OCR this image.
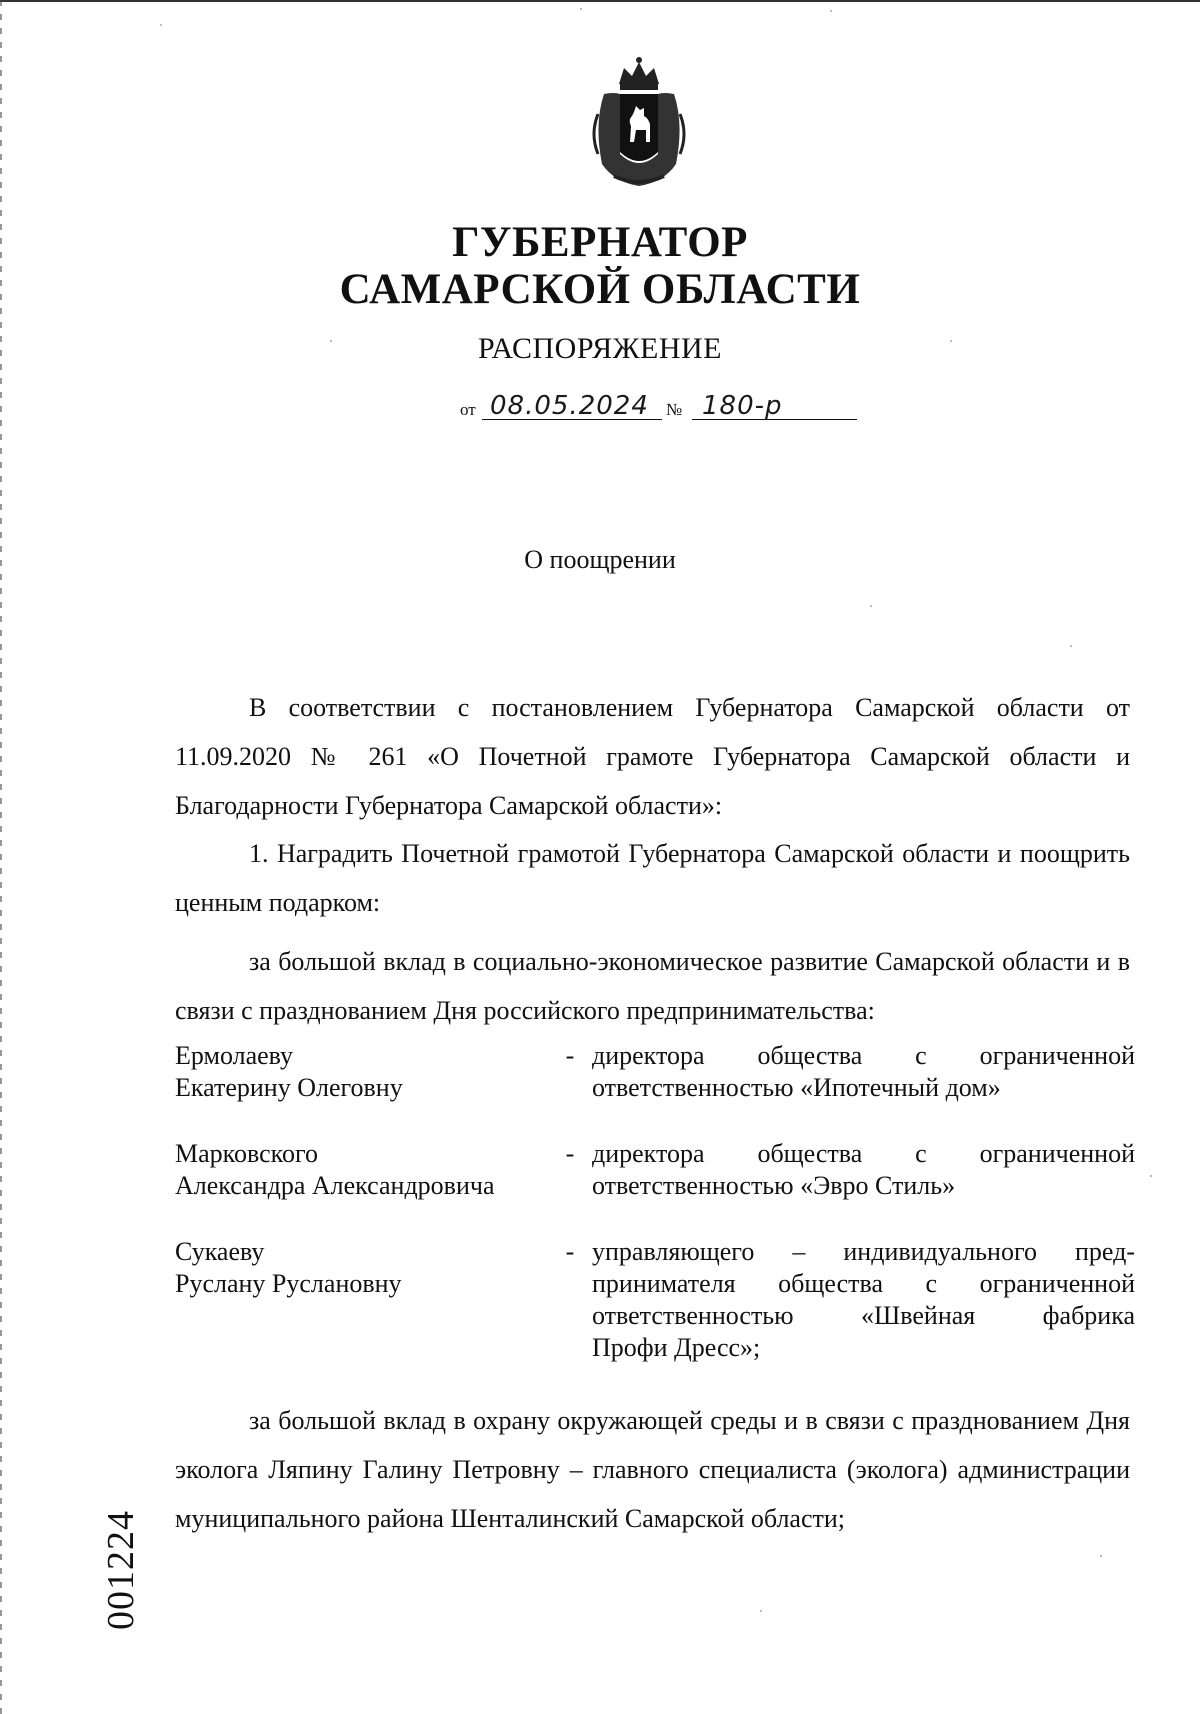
ГУБЕРНАТОР
САМАРСКОЙ ОБЛАСТИ
РАСПОРЯЖЕНИЕ
от 08.05.2024 № 180-р
О поощрении
В соответствии с постановлением Губернатора Самарской области от 11.09.2020 № 261 «О Почетной грамоте Губернатора Самарской области и Благодарности Губернатора Самарской области»:
1. Наградить Почетной грамотой Губернатора Самарской области и поощрить ценным подарком:
за большой вклад в социально-экономическое развитие Самарской области и в связи с празднованием Дня российского предпринимательства:
Ермолаеву
Екатерину Олеговну
- директора общества с ограниченной
ответственностью «Ипотечный дом»
Марковского
Александра Александровича
- директора общества с ограниченной
ответственностью «Эвро Стиль»
Сукаеву
Руслану Руслановну
- управляющего – индивидуального пред- принимателя общества с ограниченной ответственностью «Швейная фабрика
Профи Дресс»;
за большой вклад в охрану окружающей среды и в связи с празднованием Дня эколога Ляпину Галину Петровну – главного специалиста (эколога) администрации муниципального района Шенталинский Самарской области;
001224
